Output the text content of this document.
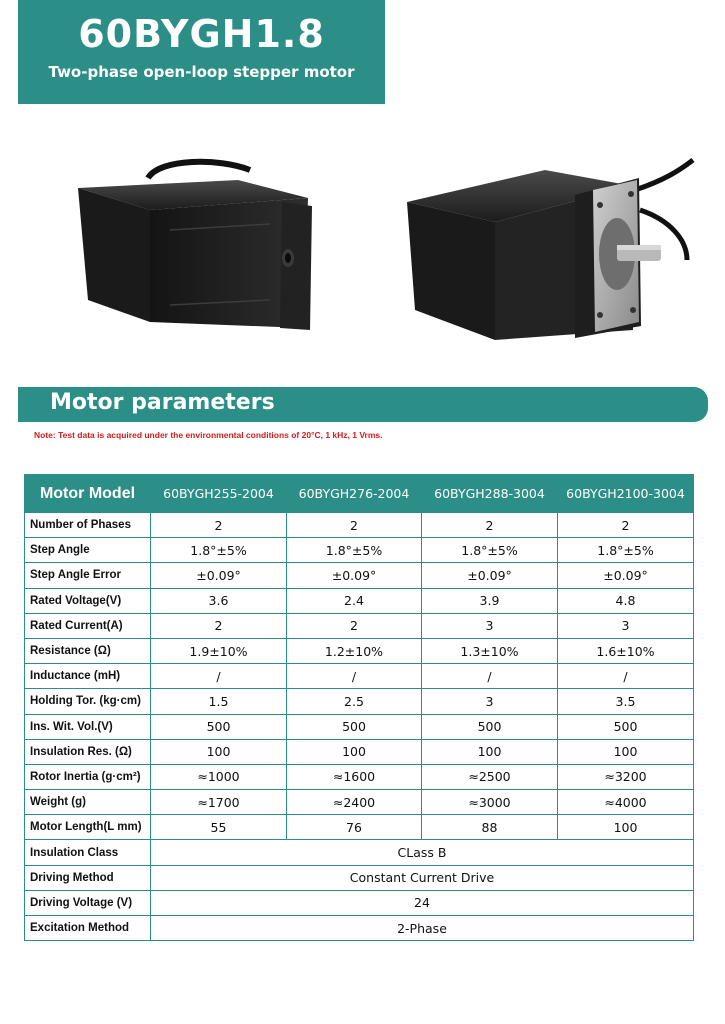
60BYGH1.8
Two-phase open-loop stepper motor
Motor parameters
Note: Test data is acquired under the environmental conditions of 20°C, 1 kHz, 1 Vrms.
Motor Model	60BYGH255-2004	60BYGH276-2004	60BYGH288-3004	60BYGH2100-3004
Number of Phases	2	2	2	2
Step Angle	1.8°±5%	1.8°±5%	1.8°±5%	1.8°±5%
Step Angle Error	±0.09°	±0.09°	±0.09°	±0.09°
Rated Voltage(V)	3.6	2.4	3.9	4.8
Rated Current(A)	2	2	3	3
Resistance (Ω)	1.9±10%	1.2±10%	1.3±10%	1.6±10%
Inductance (mH)	/	/	/	/
Holding Tor. (kg·cm)	1.5	2.5	3	3.5
Ins. Wit. Vol.(V)	500	500	500	500
Insulation Res. (Ω)	100	100	100	100
Rotor Inertia (g·cm²)	≈1000	≈1600	≈2500	≈3200
Weight (g)	≈1700	≈2400	≈3000	≈4000
Motor Length(L mm)	55	76	88	100
Insulation Class	CLass B			
Driving Method	Constant Current Drive			
Driving Voltage (V)	24			
Excitation Method	2-Phase			
